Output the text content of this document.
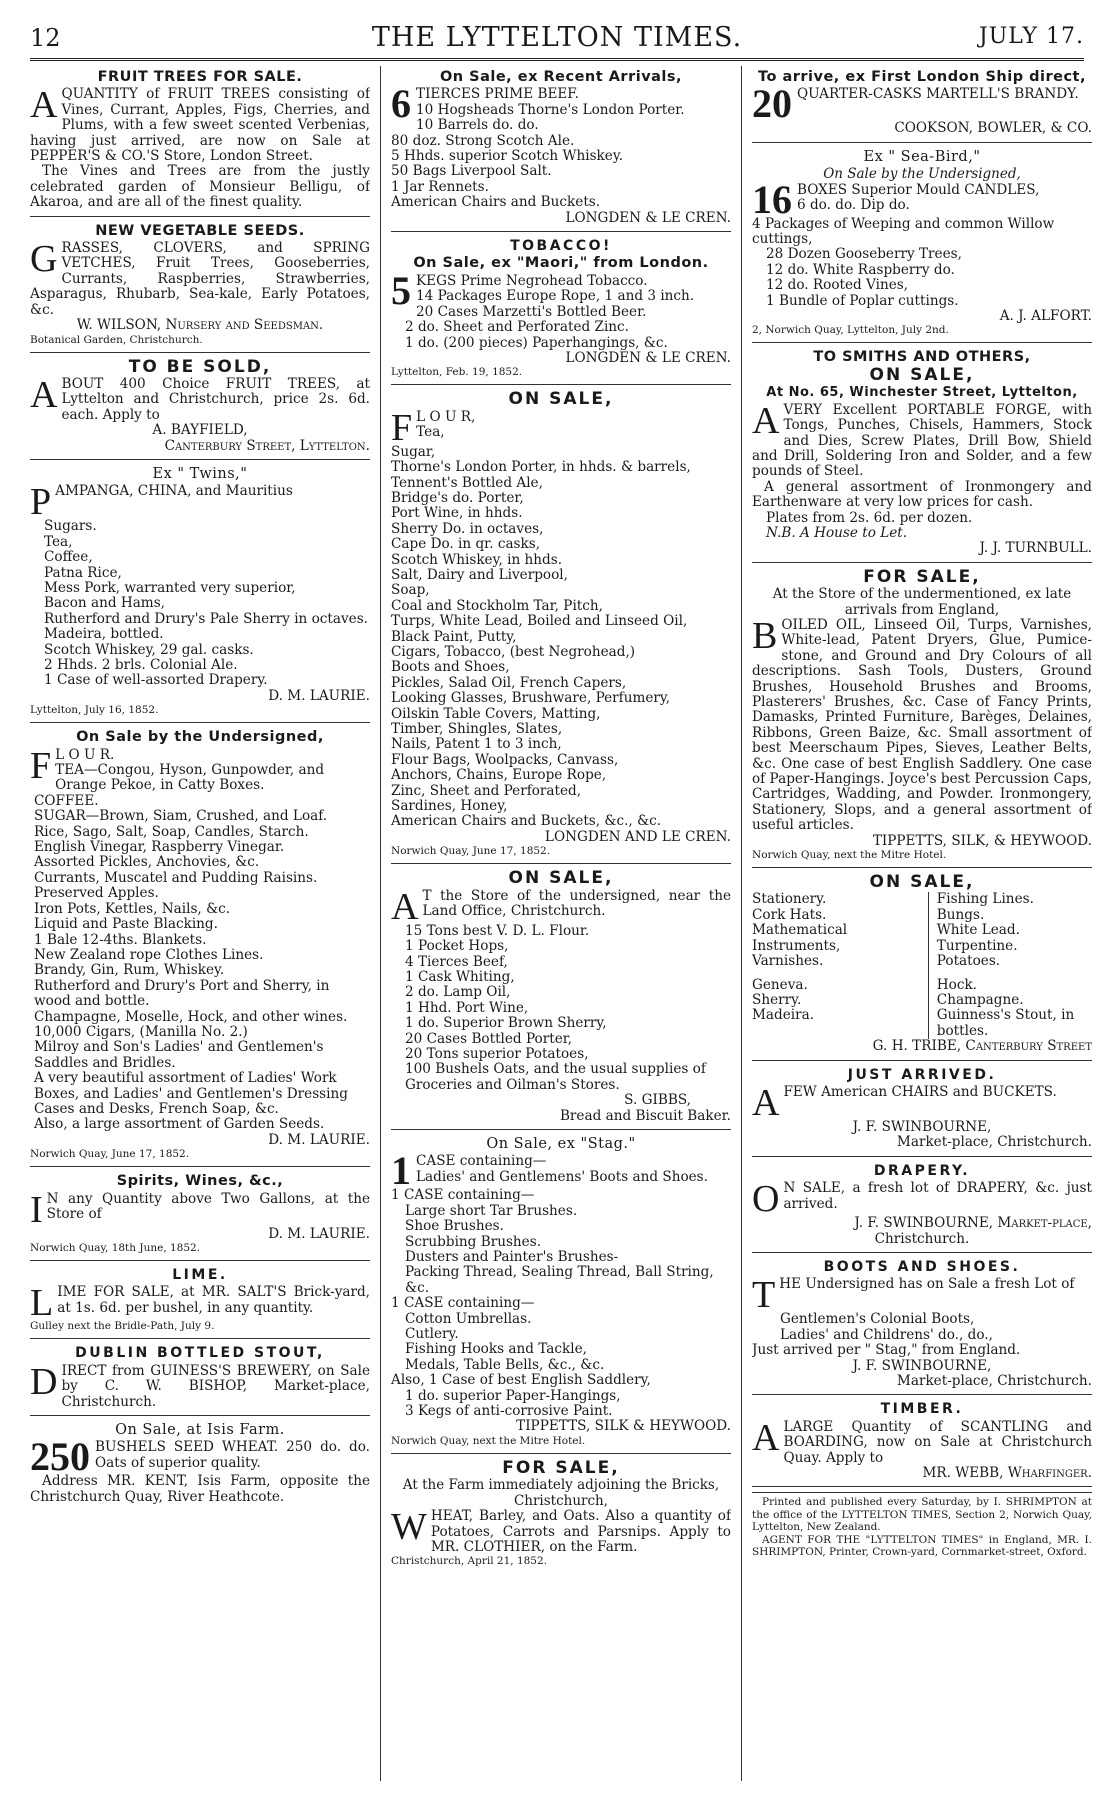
12	THE LYTTELTON TIMES.	JULY 17.
FRUIT TREES FOR SALE.

AQUANTITY of FRUIT TREES consisting of Vines, Currant, Apples, Figs, Cherries, and Plums, with a few sweet scented Verbenias, having just arrived, are now on Sale at PEPPER'S & CO.'S Store, London Street.

The Vines and Trees are from the justly celebrated garden of Monsieur Belligu, of Akaroa, and are all of the finest quality.

NEW VEGETABLE SEEDS.

GRASSES, CLOVERS, and SPRING VETCHES, Fruit Trees, Gooseberries, Currants, Raspberries, Strawberries, Asparagus, Rhubarb, Sea-kale, Early Potatoes, &c.

W. WILSON, Nursery and Seedsman.

Botanical Garden, Christchurch.

TO BE SOLD,

ABOUT 400 Choice FRUIT TREES, at Lyttelton and Christchurch, price 2s. 6d. each. Apply to

A. BAYFIELD,

Canterbury Street, Lyttelton.

Ex " Twins,"

PAMPANGA, CHINA, and Mauritius

Sugars.
Tea,
Coffee,
Patna Rice,
Mess Pork, warranted very superior,
Bacon and Hams,
Rutherford and Drury's Pale Sherry in octaves.
Madeira, bottled.
Scotch Whiskey, 29 gal. casks.
2 Hhds. 2 brls. Colonial Ale.
1 Case of well-assorted Drapery.

D. M. LAURIE.

Lyttelton, July 16, 1852.

On Sale by the Undersigned,

F L O U R.

TEA—Congou, Hyson, Gunpowder, and Orange Pekoe, in Catty Boxes.
COFFEE.
SUGAR—Brown, Siam, Crushed, and Loaf.
Rice, Sago, Salt, Soap, Candles, Starch.
English Vinegar, Raspberry Vinegar.
Assorted Pickles, Anchovies, &c.
Currants, Muscatel and Pudding Raisins.
Preserved Apples.
Iron Pots, Kettles, Nails, &c.
Liquid and Paste Blacking.
1 Bale 12-4ths. Blankets.
New Zealand rope Clothes Lines.
Brandy, Gin, Rum, Whiskey.
Rutherford and Drury's Port and Sherry, in wood and bottle.
Champagne, Moselle, Hock, and other wines.
10,000 Cigars, (Manilla No. 2.)
Milroy and Son's Ladies' and Gentlemen's Saddles and Bridles.
A very beautiful assortment of Ladies' Work Boxes, and Ladies' and Gentlemen's Dressing Cases and Desks, French Soap, &c.
Also, a large assortment of Garden Seeds.

D. M. LAURIE.

Norwich Quay, June 17, 1852.

Spirits, Wines, &c.,

I N any Quantity above Two Gallons, at the Store of

D. M. LAURIE.

Norwich Quay, 18th June, 1852.

LIME.

LIME FOR SALE, at MR. SALT'S Brick-yard, at 1s. 6d. per bushel, in any quantity.

Gulley next the Bridle-Path, July 9.

DUBLIN BOTTLED STOUT,

DIRECT from GUINESS'S BREWERY, on Sale by C. W. BISHOP, Market-place, Christchurch.

On Sale, at Isis Farm.

250 BUSHELS SEED WHEAT. 250 do. do. Oats of superior quality.

Address MR. KENT, Isis Farm, opposite the Christchurch Quay, River Heathcote.

On Sale, ex Recent Arrivals,

6 TIERCES PRIME BEEF.

10 Hogsheads Thorne's London Porter.
10 Barrels do. do.
80 doz. Strong Scotch Ale.
5 Hhds. superior Scotch Whiskey.
50 Bags Liverpool Salt.
1 Jar Rennets.
American Chairs and Buckets.

LONGDEN & LE CREN.

TOBACCO!
On Sale, ex "Maori," from London.

5 KEGS Prime Negrohead Tobacco.

14 Packages Europe Rope, 1 and 3 inch.
20 Cases Marzetti's Bottled Beer.
2 do. Sheet and Perforated Zinc.
1 do. (200 pieces) Paperhangings, &c.

LONGDEN & LE CREN.

Lyttelton, Feb. 19, 1852.

ON SALE,

F L O U R,

Tea,
Sugar,
Thorne's London Porter, in hhds. & barrels,
Tennent's Bottled Ale,
Bridge's do. Porter,
Port Wine, in hhds.
Sherry Do. in octaves,
Cape Do. in qr. casks,
Scotch Whiskey, in hhds.
Salt, Dairy and Liverpool,
Soap,
Coal and Stockholm Tar, Pitch,
Turps, White Lead, Boiled and Linseed Oil,
Black Paint, Putty,
Cigars, Tobacco, (best Negrohead,)
Boots and Shoes,
Pickles, Salad Oil, French Capers,
Looking Glasses, Brushware, Perfumery,
Oilskin Table Covers, Matting,
Timber, Shingles, Slates,
Nails, Patent 1 to 3 inch,
Flour Bags, Woolpacks, Canvass,
Anchors, Chains, Europe Rope,
Zinc, Sheet and Perforated,
Sardines, Honey,
American Chairs and Buckets, &c., &c.

LONGDEN AND LE CREN.

Norwich Quay, June 17, 1852.

ON SALE,

A T the Store of the undersigned, near the Land Office, Christchurch.

15 Tons best V. D. L. Flour.
1 Pocket Hops,
4 Tierces Beef,
1 Cask Whiting,
2 do. Lamp Oil,
1 Hhd. Port Wine,
1 do. Superior Brown Sherry,
20 Cases Bottled Porter,
20 Tons superior Potatoes,
100 Bushels Oats, and the usual supplies of Groceries and Oilman's Stores.

S. GIBBS,

Bread and Biscuit Baker.

On Sale, ex "Stag."

1 CASE containing—

Ladies' and Gentlemens' Boots and Shoes.
1 CASE containing—
Large short Tar Brushes.
Shoe Brushes.
Scrubbing Brushes.
Dusters and Painter's Brushes-
Packing Thread, Sealing Thread, Ball String, &c.
1 CASE containing—
Cotton Umbrellas.
Cutlery.
Fishing Hooks and Tackle,
Medals, Table Bells, &c., &c.
Also, 1 Case of best English Saddlery,
1 do. superior Paper-Hangings,
3 Kegs of anti-corrosive Paint.

TIPPETTS, SILK & HEYWOOD.

Norwich Quay, next the Mitre Hotel.

FOR SALE,
At the Farm immediately adjoining the Bricks, Christchurch,

WHEAT, Barley, and Oats. Also a quantity of Potatoes, Carrots and Parsnips. Apply to MR. CLOTHIER, on the Farm.

Christchurch, April 21, 1852.

To arrive, ex First London Ship direct,

20 QUARTER-CASKS MARTELL'S BRANDY.

COOKSON, BOWLER, & CO.

Ex " Sea-Bird,"
On Sale by the Undersigned,

16 BOXES Superior Mould CANDLES,

6 do. do. Dip do.
4 Packages of Weeping and common Willow cuttings,
28 Dozen Gooseberry Trees,
12 do. White Raspberry do.
12 do. Rooted Vines,
1 Bundle of Poplar cuttings.

A. J. ALFORT.

2, Norwich Quay, Lyttelton, July 2nd.

TO SMITHS AND OTHERS,
ON SALE,
At No. 65, Winchester Street, Lyttelton,

AVERY Excellent PORTABLE FORGE, with Tongs, Punches, Chisels, Hammers, Stock and Dies, Screw Plates, Drill Bow, Shield and Drill, Soldering Iron and Solder, and a few pounds of Steel.

A general assortment of Ironmongery and Earthenware at very low prices for cash.

Plates from 2s. 6d. per dozen.

N.B. A House to Let.

J. J. TURNBULL.

FOR SALE,
At the Store of the undermentioned, ex late arrivals from England,

BOILED OIL, Linseed Oil, Turps, Varnishes, White-lead, Patent Dryers, Glue, Pumice-stone, and Ground and Dry Colours of all descriptions. Sash Tools, Dusters, Ground Brushes, Household Brushes and Brooms, Plasterers' Brushes, &c. Case of Fancy Prints, Damasks, Printed Furniture, Barèges, Delaines, Ribbons, Green Baize, &c. Small assortment of best Meerschaum Pipes, Sieves, Leather Belts, &c. One case of best English Saddlery. One case of Paper-Hangings. Joyce's best Percussion Caps, Cartridges, Wadding, and Powder. Ironmongery, Stationery, Slops, and a general assortment of useful articles.

TIPPETTS, SILK, & HEYWOOD.

Norwich Quay, next the Mitre Hotel.

ON SALE,
Stationery.
Cork Hats.
Mathematical Instruments,
Varnishes.
Geneva.
Sherry.
Madeira.
Fishing Lines.
Bungs.
White Lead.
Turpentine.
Potatoes.
Hock.
Champagne.
Guinness's Stout, in bottles.

G. H. TRIBE, Canterbury Street

JUST ARRIVED.

AFEW American CHAIRS and BUCKETS.

J. F. SWINBOURNE,

Market-place, Christchurch.

DRAPERY.

O N SALE, a fresh lot of DRAPERY, &c. just arrived.

J. F. SWINBOURNE, Market-place,

Christchurch.

BOOTS AND SHOES.

THE Undersigned has on Sale a fresh Lot of

Gentlemen's Colonial Boots,
Ladies' and Childrens' do., do.,

Just arrived per " Stag," from England.

J. F. SWINBOURNE,

Market-place, Christchurch.

TIMBER.

ALARGE Quantity of SCANTLING and BOARDING, now on Sale at Christchurch Quay. Apply to

MR. WEBB, Wharfinger.

Printed and published every Saturday, by I. SHRIMPTON at the office of the LYTTELTON TIMES, Section 2, Norwich Quay, Lyttelton, New Zealand.

AGENT FOR THE "LYTTELTON TIMES" in England, MR. I. SHRIMPTON, Printer, Crown-yard, Cornmarket-street, Oxford.
